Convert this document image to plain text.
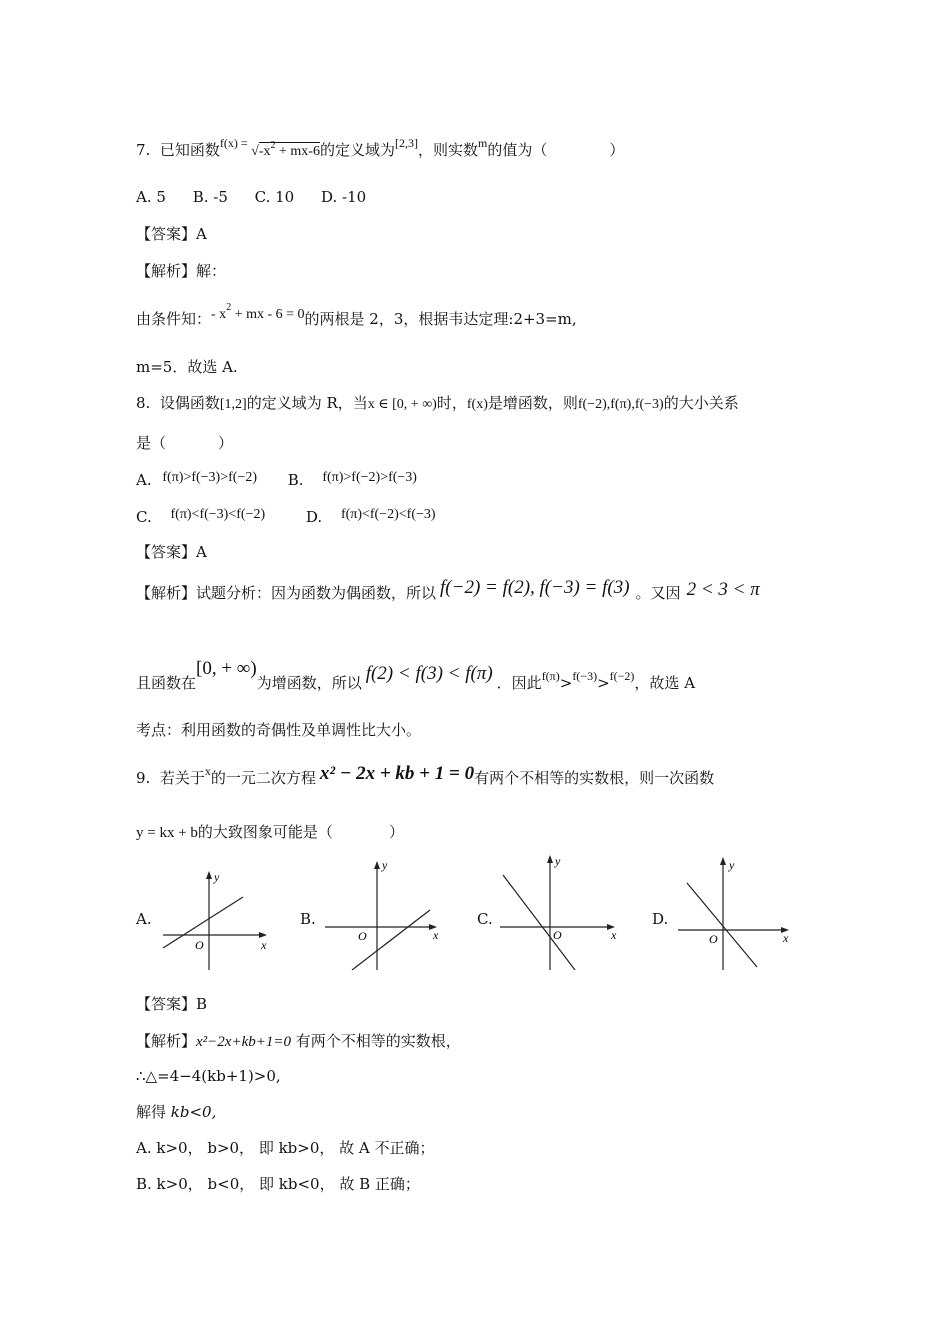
7. 已知函数$f(x) = √-x^2 + mx-6$的定义域为[2,3]，则实数$^m$的值为（	）
A. 5 B. -5 C. 10 D. -10
【答案】A
【解析】解：
由条件知：- $x^2$ + mx - 6 = 0的两根是 2，3，根据韦达定理:2+3=m,
m=5．故选 A.
8. 设偶函数[1,2]的定义域为 R，当x ∈ [0, + ∞)时，f(x)是增函数，则f(−2),f(π),f(−3)的大小关系
是（	）
A. f(π)>f(−3)>f(−2) B. f(π)>f(−2)>f(−3)
C. f(π)<f(−3)<f(−2)	D. f(π)<f(−2)<f(−3)
【答案】A
【解析】试题分析：因为函数为偶函数，所以 f(−2) = f(2), f(−3) = f(3) 。又因 2 < 3 < π
且函数在[0, + ∞)为增函数，所以 f(2) < f(3) < f(π) ．因此$^{f(\pi)}$>$^{f(-3)}$>$^{f(-2)}$，故选 A
考点：利用函数的奇偶性及单调性比大小。
9. 若关于$^x$的一元二次方程 x² − 2x + kb + 1 = 0有两个不相等的实数根，则一次函数
y = kx + b的大致图象可能是（	）
A.	B.	C.	D.
y
x
O
y
x
O
y
x
O
y
x
O
【答案】B
【解析】x²−2x+kb+1=0 有两个不相等的实数根，
∴△=4−4(kb+1)>0,
解得 kb<0,
A. k>0， b>0， 即 kb>0， 故 A 不正确；
B. k>0， b<0， 即 kb<0， 故 B 正确；
